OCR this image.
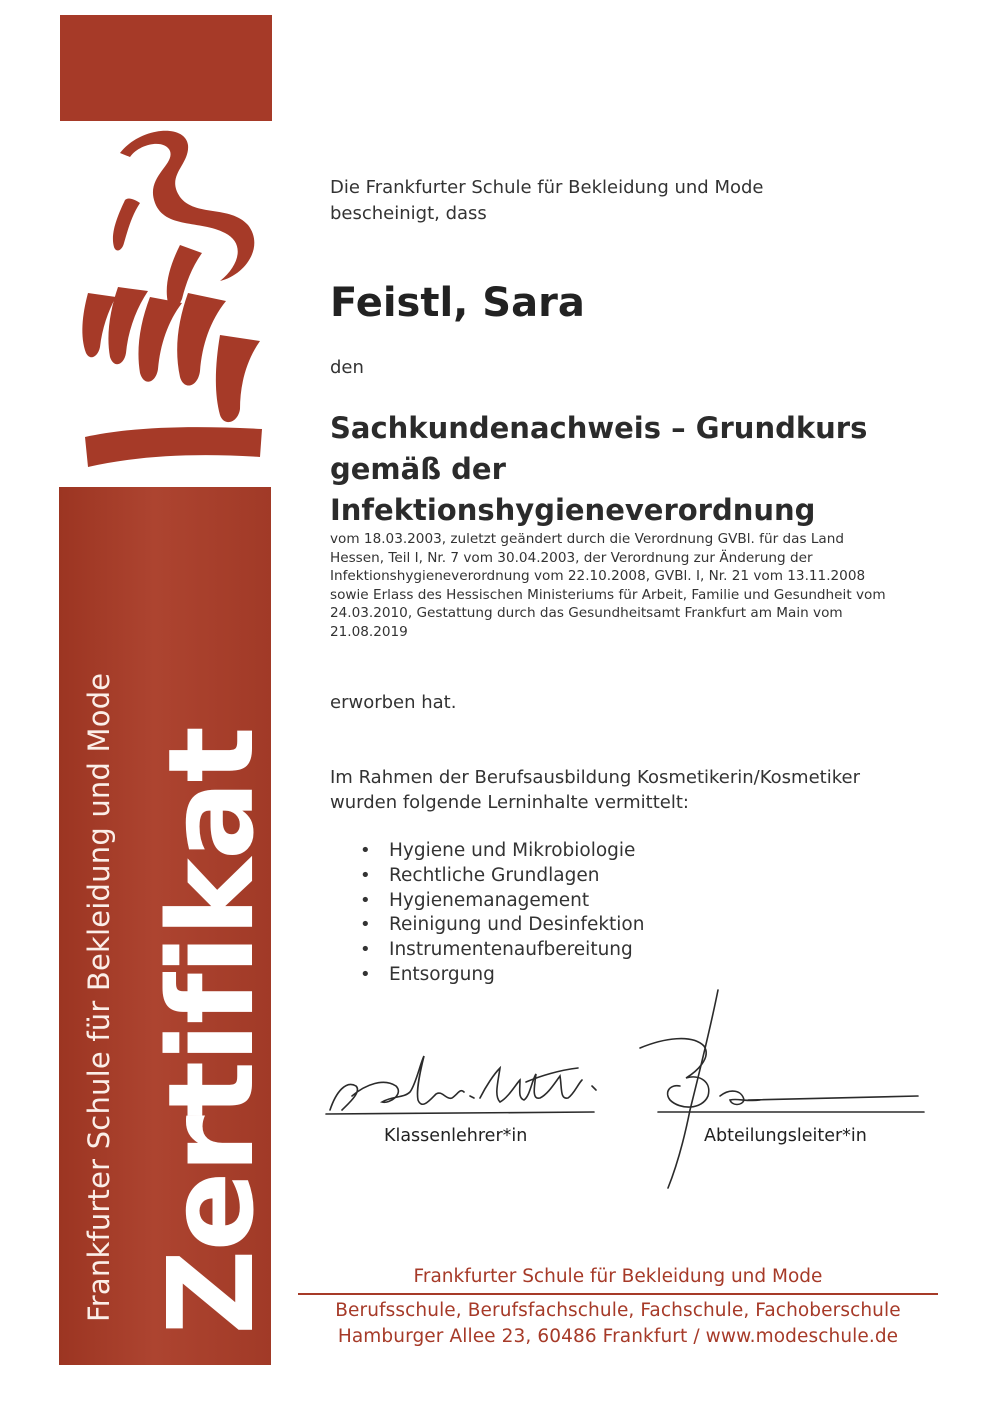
Frankfurter Schule für Bekleidung und Mode Zertifikat
Die Frankfurter Schule für Bekleidung und Mode
bescheinigt, dass
Feistl, Sara
den
Sachkundenachweis – Grundkurs
gemäß der
Infektionshygieneverordnung
vom 18.03.2003, zuletzt geändert durch die Verordnung GVBl. für das Land
Hessen, Teil I, Nr. 7 vom 30.04.2003, der Verordnung zur Änderung der
Infektionshygieneverordnung vom 22.10.2008, GVBl. I, Nr. 21 vom 13.11.2008
sowie Erlass des Hessischen Ministeriums für Arbeit, Familie und Gesundheit vom
24.03.2010, Gestattung durch das Gesundheitsamt Frankfurt am Main vom
21.08.2019
erworben hat.
Im Rahmen der Berufsausbildung Kosmetikerin/Kosmetiker
wurden folgende Lerninhalte vermittelt:
• Hygiene und Mikrobiologie
• Rechtliche Grundlagen
• Hygienemanagement
• Reinigung und Desinfektion
• Instrumentenaufbereitung
• Entsorgung
Klassenlehrer*in	Abteilungsleiter*in
Frankfurter Schule für Bekleidung und Mode
Berufsschule, Berufsfachschule, Fachschule, Fachoberschule
Hamburger Allee 23, 60486 Frankfurt / www.modeschule.de
